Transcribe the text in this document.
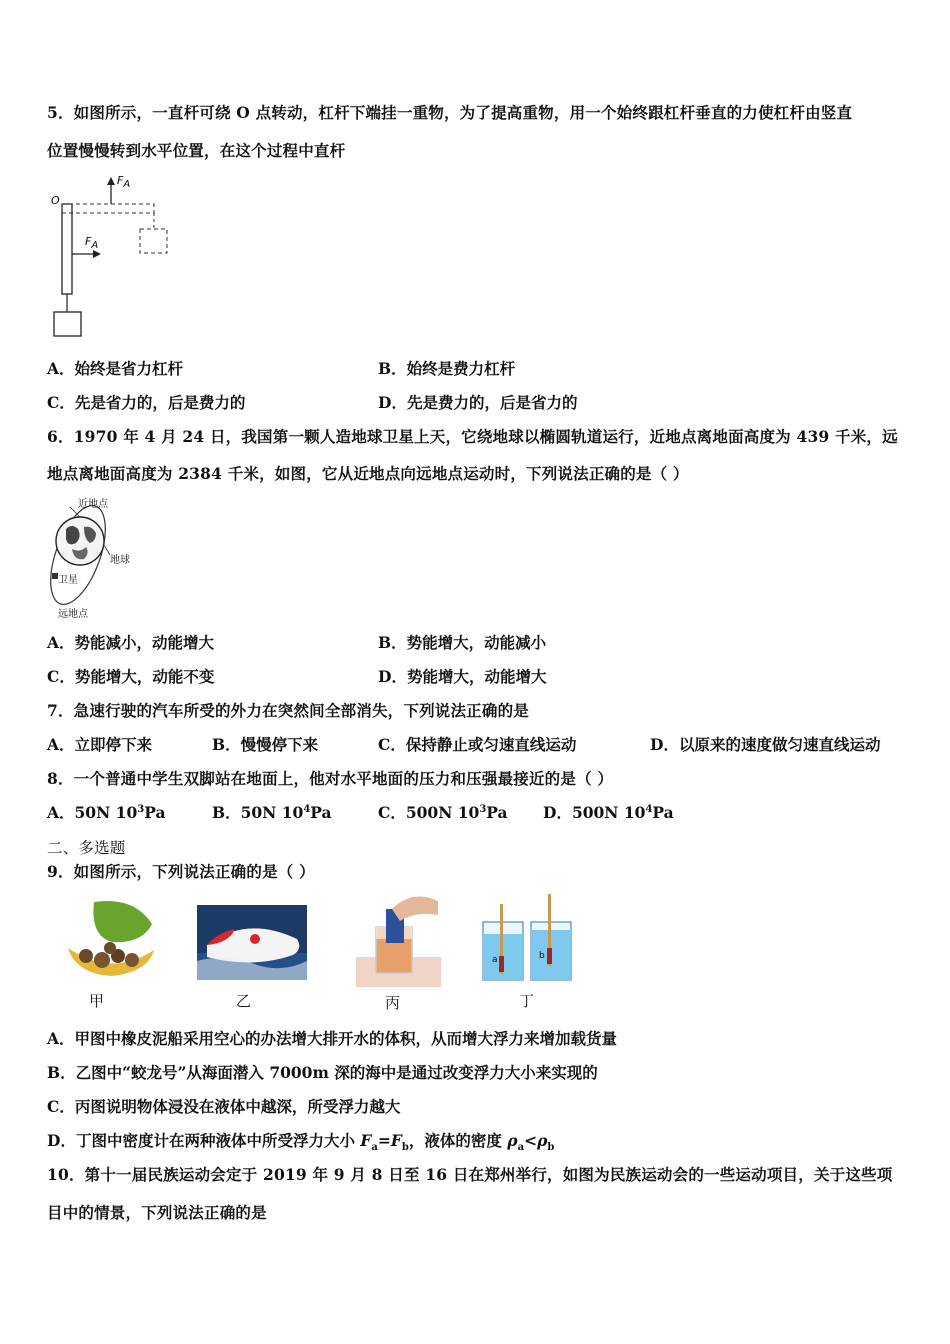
5．如图所示，一直杆可绕 O 点转动，杠杆下端挂一重物，为了提高重物，用一个始终跟杠杆垂直的力使杠杆由竖直
位置慢慢转到水平位置，在这个过程中直杆
O
$F_A$
$F_A$
A．始终是省力杠杆	B．始终是费力杠杆
C．先是省力的，后是费力的	D．先是费力的，后是省力的
6．1970 年 4 月 24 日，我国第一颗人造地球卫星上天，它绕地球以椭圆轨道运行，近地点离地面高度为 439 千米，远
地点离地面高度为 2384 千米，如图，它从近地点向远地点运动时，下列说法正确的是（ ）
近地点
地球
卫星
远地点
A．势能减小，动能增大	B．势能增大，动能减小
C．势能增大，动能不变	D．势能增大，动能增大
7．急速行驶的汽车所受的外力在突然间全部消失，下列说法正确的是
A．立即停下来	B．慢慢停下来	C．保持静止或匀速直线运动	D．以原来的速度做匀速直线运动
8．一个普通中学生双脚站在地面上，他对水平地面的压力和压强最接近的是（ ）
A．50N $10^3Pa$	B．50N $10^4Pa$	C．500N $10^3Pa$ D．500N $10^4Pa$
二、多选题
9．如图所示，下列说法正确的是（ ）
甲	乙	丙
a	b
丁
A．甲图中橡皮泥船采用空心的办法增大排开水的体积，从而增大浮力来增加载货量
B．乙图中“蛟龙号”从海面潜入 7000m 深的海中是通过改变浮力大小来实现的
C．丙图说明物体浸没在液体中越深，所受浮力越大
D．丁图中密度计在两种液体中所受浮力大小 $F_a=F_b$，液体的密度 $\rho_a<\rho_b$
10．第十一届民族运动会定于 2019 年 9 月 8 日至 16 日在郑州举行，如图为民族运动会的一些运动项目，关于这些项
目中的情景，下列说法正确的是
